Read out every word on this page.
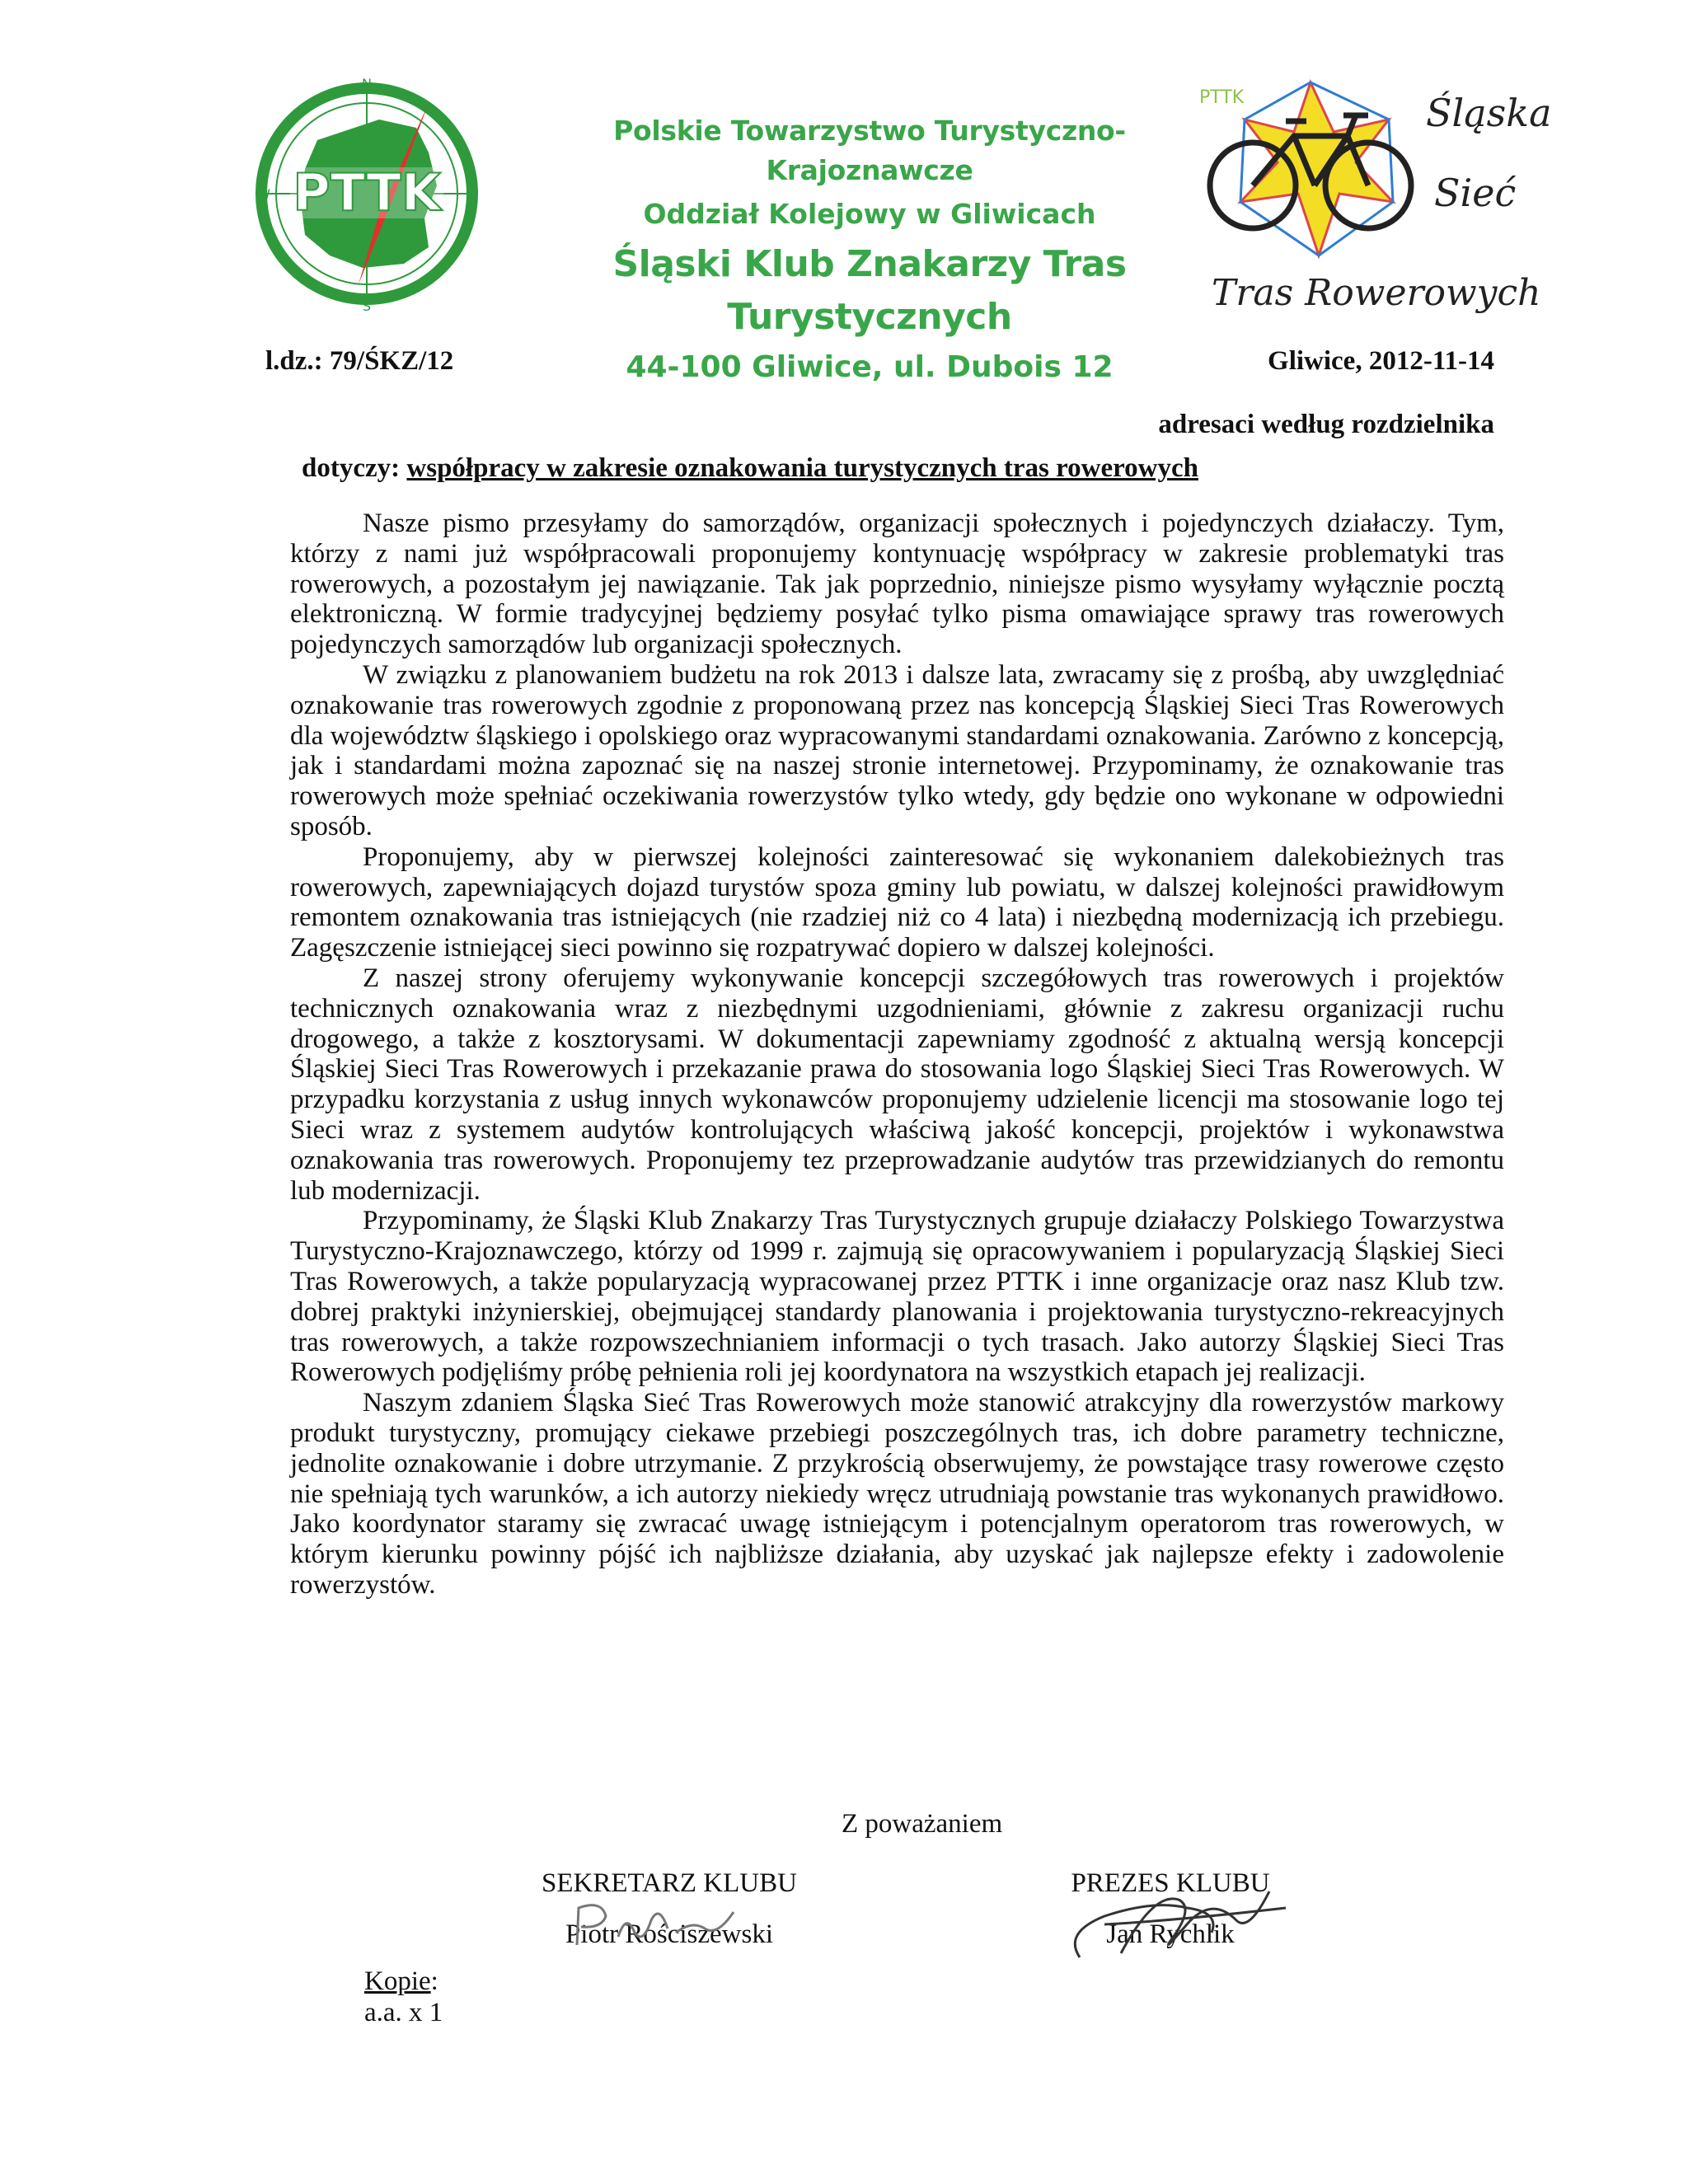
PTTK
N
S
E
W
Polskie Towarzystwo Turystyczno-Krajoznawcze
Oddział Kolejowy w Gliwicach
Śląski Klub Znakarzy Tras Turystycznych
44-100 Gliwice, ul. Dubois 12
PTTK	Śląska
Sieć
Tras Rowerowych
l.dz.: 79/ŚKZ/12	Gliwice, 2012-11-14
adresaci według rozdzielnika
dotyczy: współpracy w zakresie oznakowania turystycznych tras rowerowych

Nasze pismo przesyłamy do samorządów, organizacji społecznych i pojedynczych działaczy. Tym, którzy z nami już współpracowali proponujemy kontynuację współpracy w zakresie problematyki tras rowerowych, a pozostałym jej nawiązanie. Tak jak poprzednio, niniejsze pismo wysyłamy wyłącznie pocztą elektroniczną. W formie tradycyjnej będziemy posyłać tylko pisma omawiające sprawy tras rowerowych pojedynczych samorządów lub organizacji społecznych.

W związku z planowaniem budżetu na rok 2013 i dalsze lata, zwracamy się z prośbą, aby uwzględniać oznakowanie tras rowerowych zgodnie z proponowaną przez nas koncepcją Śląskiej Sieci Tras Rowerowych dla województw śląskiego i opolskiego oraz wypracowanymi standardami oznakowania. Zarówno z koncepcją, jak i standardami można zapoznać się na naszej stronie internetowej. Przypominamy, że oznakowanie tras rowerowych może spełniać oczekiwania rowerzystów tylko wtedy, gdy będzie ono wykonane w odpowiedni sposób.

Proponujemy, aby w pierwszej kolejności zainteresować się wykonaniem dalekobieżnych tras rowerowych, zapewniających dojazd turystów spoza gminy lub powiatu, w dalszej kolejności prawidłowym remontem oznakowania tras istniejących (nie rzadziej niż co 4 lata) i niezbędną modernizacją ich przebiegu. Zagęszczenie istniejącej sieci powinno się rozpatrywać dopiero w dalszej kolejności.

Z naszej strony oferujemy wykonywanie koncepcji szczegółowych tras rowerowych i projektów technicznych oznakowania wraz z niezbędnymi uzgodnieniami, głównie z zakresu organizacji ruchu drogowego, a także z kosztorysami. W dokumentacji zapewniamy zgodność z aktualną wersją koncepcji Śląskiej Sieci Tras Rowerowych i przekazanie prawa do stosowania logo Śląskiej Sieci Tras Rowerowych. W przypadku korzystania z usług innych wykonawców proponujemy udzielenie licencji ma stosowanie logo tej Sieci wraz z systemem audytów kontrolujących właściwą jakość koncepcji, projektów i wykonawstwa oznakowania tras rowerowych. Proponujemy tez przeprowadzanie audytów tras przewidzianych do remontu lub modernizacji.

Przypominamy, że Śląski Klub Znakarzy Tras Turystycznych grupuje działaczy Polskiego Towarzystwa Turystyczno-Krajoznawczego, którzy od 1999 r. zajmują się opracowywaniem i popularyzacją Śląskiej Sieci Tras Rowerowych, a także popularyzacją wypracowanej przez PTTK i inne organizacje oraz nasz Klub tzw. dobrej praktyki inżynierskiej, obejmującej standardy planowania i projektowania turystyczno-rekreacyjnych tras rowerowych, a także rozpowszechnianiem informacji o tych trasach. Jako autorzy Śląskiej Sieci Tras Rowerowych podjęliśmy próbę pełnienia roli jej koordynatora na wszystkich etapach jej realizacji.

Naszym zdaniem Śląska Sieć Tras Rowerowych może stanowić atrakcyjny dla rowerzystów markowy produkt turystyczny, promujący ciekawe przebiegi poszczególnych tras, ich dobre parametry techniczne, jednolite oznakowanie i dobre utrzymanie. Z przykrością obserwujemy, że powstające trasy rowerowe często nie spełniają tych warunków, a ich autorzy niekiedy wręcz utrudniają powstanie tras wykonanych prawidłowo. Jako koordynator staramy się zwracać uwagę istniejącym i potencjalnym operatorom tras rowerowych, w którym kierunku powinny pójść ich najbliższe działania, aby uzyskać jak najlepsze efekty i zadowolenie rowerzystów.

Z poważaniem
SEKRETARZ KLUBU
Piotr Rościszewski
PREZES KLUBU
Jan Rychlik
Kopie:
a.a. x 1
